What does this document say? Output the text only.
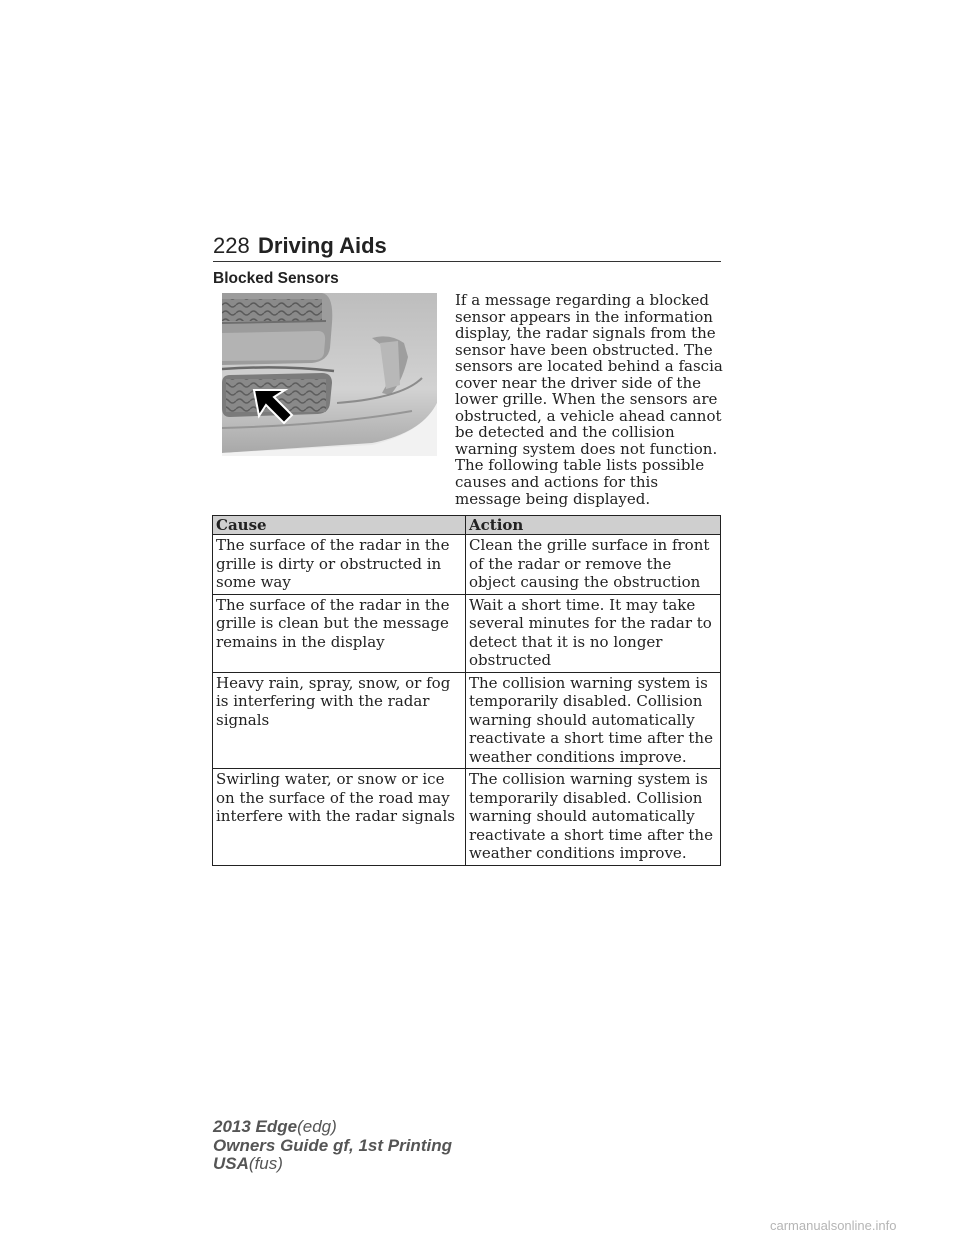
228 Driving Aids
Blocked Sensors
If a message regarding a blocked sensor appears in the information display, the radar signals from the sensor have been obstructed. The sensors are located behind a fascia cover near the driver side of the lower grille. When the sensors are obstructed, a vehicle ahead cannot be detected and the collision warning system does not function. The following table lists possible causes and actions for this message being displayed.
Cause	Action
The surface of the radar in the grille is dirty or obstructed in some way	Clean the grille surface in front of the radar or remove the object causing the obstruction
The surface of the radar in the grille is clean but the message remains in the display	Wait a short time. It may take several minutes for the radar to detect that it is no longer obstructed
Heavy rain, spray, snow, or fog is interfering with the radar signals	The collision warning system is temporarily disabled. Collision warning should automatically reactivate a short time after the weather conditions improve.
Swirling water, or snow or ice on the surface of the road may interfere with the radar signals	The collision warning system is temporarily disabled. Collision warning should automatically reactivate a short time after the weather conditions improve.
2013 Edge(edg)
Owners Guide gf, 1st Printing
USA(fus)
carmanualsonline.info
